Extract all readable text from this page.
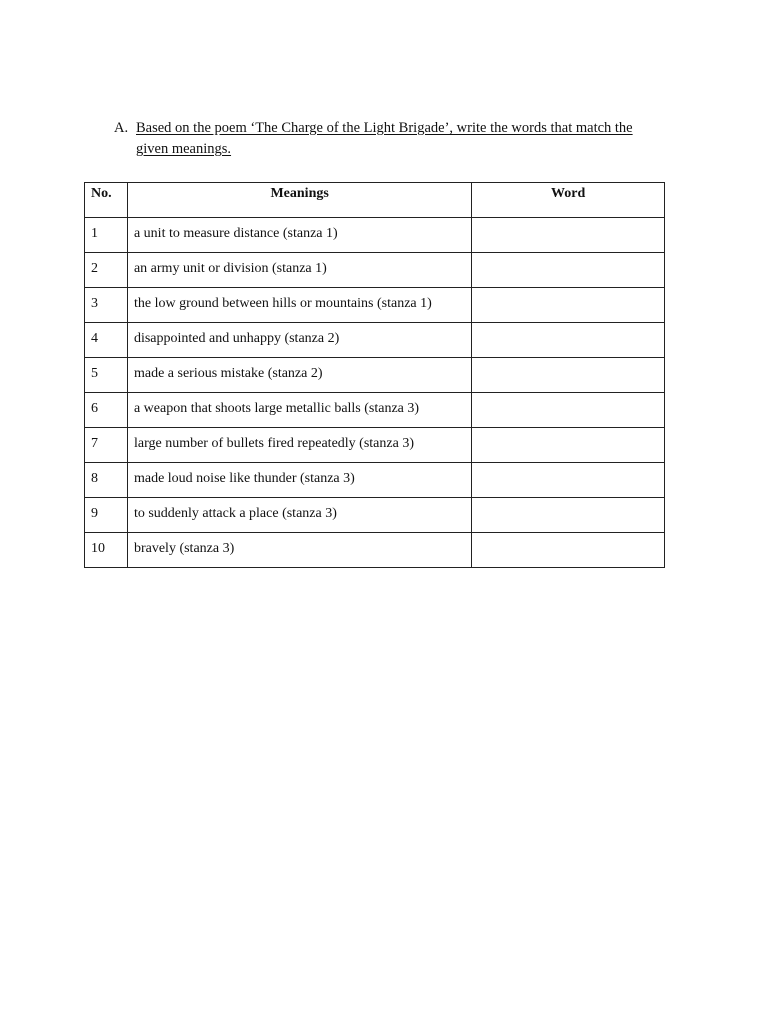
A. Based on the poem ‘The Charge of the Light Brigade’, write the words that match the
given meanings.
No.	Meanings	Word
1	a unit to measure distance (stanza 1)	
2	an army unit or division (stanza 1)	
3	the low ground between hills or mountains (stanza 1)	
4	disappointed and unhappy (stanza 2)	
5	made a serious mistake (stanza 2)	
6	a weapon that shoots large metallic balls (stanza 3)	
7	large number of bullets fired repeatedly (stanza 3)	
8	made loud noise like thunder (stanza 3)	
9	to suddenly attack a place (stanza 3)	
10	bravely (stanza 3)	
